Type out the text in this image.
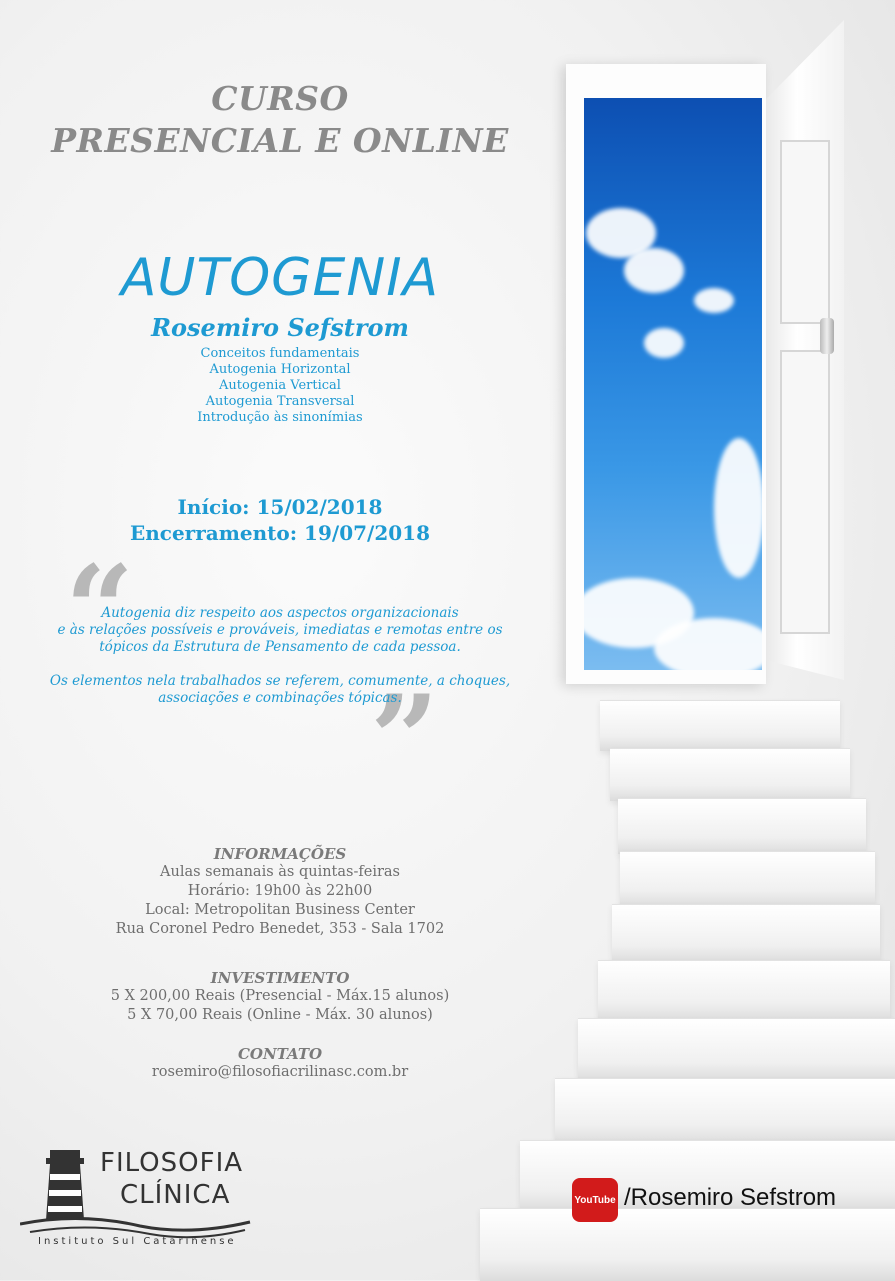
CURSO
PRESENCIAL E ONLINE
AUTOGENIA
Rosemiro Sefstrom
Conceitos fundamentais
Autogenia Horizontal
Autogenia Vertical
Autogenia Transversal
Introdução às sinonímias
Início: 15/02/2018
Encerramento: 19/07/2018
“
”
Autogenia diz respeito aos aspectos organizacionais
e às relações possíveis e prováveis, imediatas e remotas entre os
tópicos da Estrutura de Pensamento de cada pessoa.
Os elementos nela trabalhados se referem, comumente, a choques,
associações e combinações tópicas.
INFORMAÇÕES
Aulas semanais às quintas-feiras
Horário: 19h00 às 22h00
Local: Metropolitan Business Center
Rua Coronel Pedro Benedet, 353 - Sala 1702
INVESTIMENTO
5 X 200,00 Reais (Presencial - Máx.15 alunos)
5 X 70,00 Reais (Online - Máx. 30 alunos)
CONTATO
rosemiro@filosofiacrilinasc.com.br
FILOSOFIA
CLÍNICA
Instituto Sul Catarinense
YouTube /Rosemiro Sefstrom
